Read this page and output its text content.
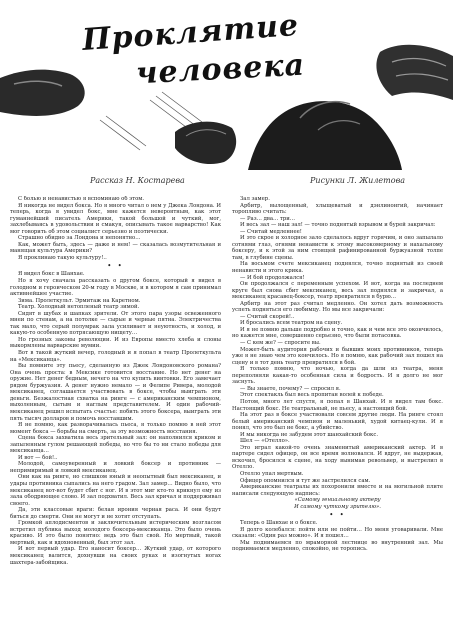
Проклятие
человека
Рассказ Н. Костарева	Рисунки Л. Жилетова

С болью и ненавистью я вспоминаю об этом.

Я никогда не видел бокса. Но я много читал о нем у Джека Лондона. И теперь, когда я увидел бокс, мне кажется невероятным, как этот гуманнейший писатель Америки, такой большой и чуткий, мог, захлебываясь в удовольствии и смакуя, описывать такое варварство! Как мог говорить об этом социалист серьезно и поэтически.

Страшно обидно за Лондона и непонятно…

Как, может быть, здесь — даже и нем! — сказалась возмутительная и манящая культура Америки?

Я проклинаю такую культуру!..

• •

Я видел бокс в Шанхае.

Но я хочу сначала рассказать о другом боксе, который я видел в голодном и героическом 20-м году в Москве, и в котором я сам принимал активнейшее участие.

Зима. Пролеткульт. Эрмитаж на Каретном.

Театр. Холодный нетопленый театр зимой.

Сидят в шубах и шапках зрители. От этого пара узоры освеженного мнеи по стенам, а на потолке — сырые и черные пятна. Электричества так мало, что серый полумрак зала усиливает и неуютность, и холод, и какую-то особенную потрясающую нищету…

Но грозных законы революции. И из Европы вместо хлеба и слоны выкормлены варварские мумии.

Вот в такой жуткий вечер, голодный и я попал в театр Пролеткульта на «Мексиканца».

Вы помните эту пьесу, сделанную из Джек Лондоновского романа? Она очень проста: в Мексике готовится восстание. Но нет денег на оружие. Нет денег бедным, нечего на что купить винтовки. Его замечает рядом буржуазия. А денег нужно немало — и Фелипе Ривера, молодой мексиканец, соглашается участвовать в боксе, чтобы выиграть эти деньги. Безжалостная схватка на ринге — с американским чемпионом, выхоленным, сытым и наглым представителем. И один рабочий-мексиканец решил испытать счастье: побить этого боксера, выиграть эти пять тысяч долларов и помочь восставшим.

Я не помню, как разворачивалась пьеса, я только помню в ней этот момент бокса — борьбы на смерть, за эту возможность восстания.

Сцена бокса захватила весь зрительный зал: он наполнился криком и запыленным гулом решающей победы, во что бы то ни стало победы для мексиканца…

И вот — бой!..

Молодой, самоуверенный и ловкий боксер и противник — непримиримый и ловкий мексиканец.

Они как на ринге, но слишком юный и неопытный был мексиканец, и удары противника сыпались на него градом. Зал замер… Видно было, что мексиканец вот-вот будет сбит с ног. И в этот миг кто-то крикнул ему из зала ободряющее слово. И зал подхватил. Весь зал кричал и поддерживал своего.

Да, эти классовые враги: белая ирония черная раса. И они будут биться до смерти. Они не могут и не хотят отступать.

Громкой аплодисментов и заключительным истерическим возгласом встретил публика выход молодого боксера-мексиканца. Это было очень красиво. И это было понятно: ведь это был свой. Но мертвый, такой мертвый, как и вдохновенный, был этот зал.

И вот первый удар. Его наносит боксер… Жуткий удар, от которого мексиканец валится, дохнувши на своих руках и изогнутых ногах шахтера-забойщика.

Зал замер.

Арбитр, вылощенный, хлыщеватый и дэнлинонгий, начинает торопливо считать:

— Раз… два… три…

И весь зал — наш зал! — точно поднятый взрывом и бурей закричал:

— Считай медленнее!

И это скрое и холодное зало сделалось вдруг горячим, и оно запылало сотнями глаз, огнями ненависти к этому высокомерному и нахальному боксеру, и к этой за ним стоящей рафинированной буржуазной толпе там, в глубине сцены.

На восьмом счете мексиканец поднялся, точно поднятый из своей ненависти и этого крика.

— И бой продолжался!

Он продолжался с переменным успехом. И вот, когда на последнем круге был снова сбит мексиканец, весь зал поднялся и закричал, а мексиканец красавец-боксер, театр превратился в бурю…

Арбитр на этот раз считал медленно. Он хотел дать возможность успеть подняться его любимцу. Но мы все закричали:

— Считай скорей!..

И бросались всем театром на сцену.

И я не помню дальше подробно и точно, как и чем все это окончилось, но кажется мне, совершенно серьезно, что были потасовка.

— С кем же? — спросите вы.

Может-быть аудитория рабочих и бывших моих противников, теперь уже я не знаю чем это кончилось. Но я помню, как рабочий зал пошел на сцену и в тот день театр превратился в бой.

Я только помню, что ночью, когда да шли из театра, меня переполняли какая-то особенная сила и бодрость. И я долго не мог заснуть.

— Вы знаете, почему? — спросил я.

Этот спектакль был весь пропитан волей к победе.

Потом, много лет спустя, я попал в Шанхай. И я видел там бокс. Настоящий бокс. Не театральный, не пьесу, а настоящий бой.

На этот раз в боксе участвовали совсем другие люди. На ринге стоял белый американский чемпион и маленький, худой китаец-кули. И я понял, что это был не бокс, а убийство.

И мы никогда не забудем этот шанхайский бокс.

Шел — «Отелло».

Это играл какой-то очень знаменитый американский актер. И в партере сидел офицер, он все время волновался. И вдруг, не выдержав, вскочил, бросился к сцене, на ходу вынимая револьвер, и выстрелил в Отелло.

Отелло упал мертвым.

Офицер опомнился и тут же застрелился сам.

Американские театралы их похоронили вместе и на могильной плите написали следующую надпись:

«Самому гениальному актеру

И самому чуткому зрителю».

• •

Теперь о Шанхае и о боксе.

Я долго колебался: пойти или не пойти… Но меня уговаривали. Мне сказали: «Один раз можно». И я пошел…

Мы поднимаемся по мраморной лестнице во внутренний зал. Мы поднимаемся медленно, спокойно, не торопись.
